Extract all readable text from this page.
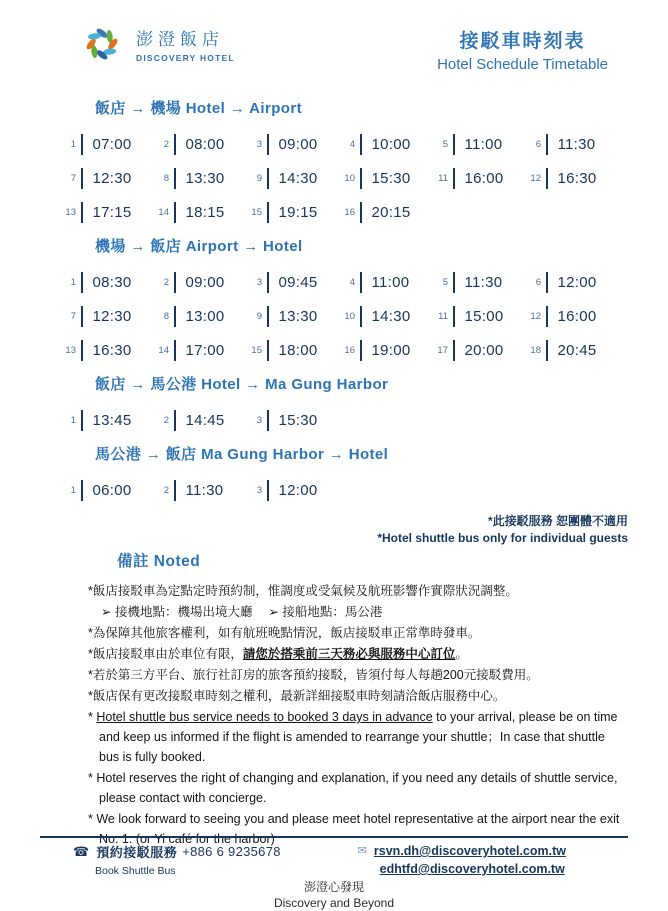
澎澄飯店
DISCOVERY HOTEL
接駁車時刻表
Hotel Schedule Timetable
飯店 → 機場 Hotel → Airport
1 07:00	2 08:00	3 09:00	4 10:00	5 11:00	6 11:30
7 12:30	8 13:30	9 14:30	10 15:30	11 16:00	12 16:30
13 17:15	14 18:15	15 19:15	16 20:15
機場 → 飯店 Airport → Hotel
1 08:30	2 09:00	3 09:45	4 11:00	5 11:30	6 12:00
7 12:30	8 13:00	9 13:30	10 14:30	11 15:00	12 16:00
13 16:30	14 17:00	15 18:00	16 19:00	17 20:00	18 20:45
飯店 → 馬公港 Hotel → Ma Gung Harbor
1 13:45	2 14:45	3 15:30
馬公港 → 飯店 Ma Gung Harbor → Hotel
1 06:00	2 11:30	3 12:00
*此接駁服務 恕團體不適用
*Hotel shuttle bus only for individual guests
備註 Noted

*飯店接駁車為定點定時預約制，惟調度或受氣候及航班影響作實際狀況調整。

➢ 接機地點：機場出境大廳　 ➢ 接船地點：馬公港

*為保障其他旅客權利，如有航班晚點情況，飯店接駁車正常準時發車。

*飯店接駁車由於車位有限，請您於搭乘前三天務必與服務中心訂位。

*若於第三方平台、旅行社訂房的旅客預約接駁，皆須付每人每趟200元接駁費用。

*飯店保有更改接駁車時刻之權利，最新詳細接駁車時刻請洽飯店服務中心。

* Hotel shuttle bus service needs to booked 3 days in advance to your arrival, please be on time and keep us informed if the flight is amended to rearrange your shuttle；In case that shuttle bus is fully booked.

* Hotel reserves the right of changing and explanation, if you need any details of shuttle service, please contact with concierge.

* We look forward to seeing you and please meet hotel representative at the airport near the exit No. 1. (or Yi café for the harbor)

☎ 預約接駁服務 +886 6 9235678
Book Shuttle Bus
✉ rsvn.dh@discoveryhotel.com.tw
edhtfd@discoveryhotel.com.tw
澎澄心發現
Discovery and Beyond
